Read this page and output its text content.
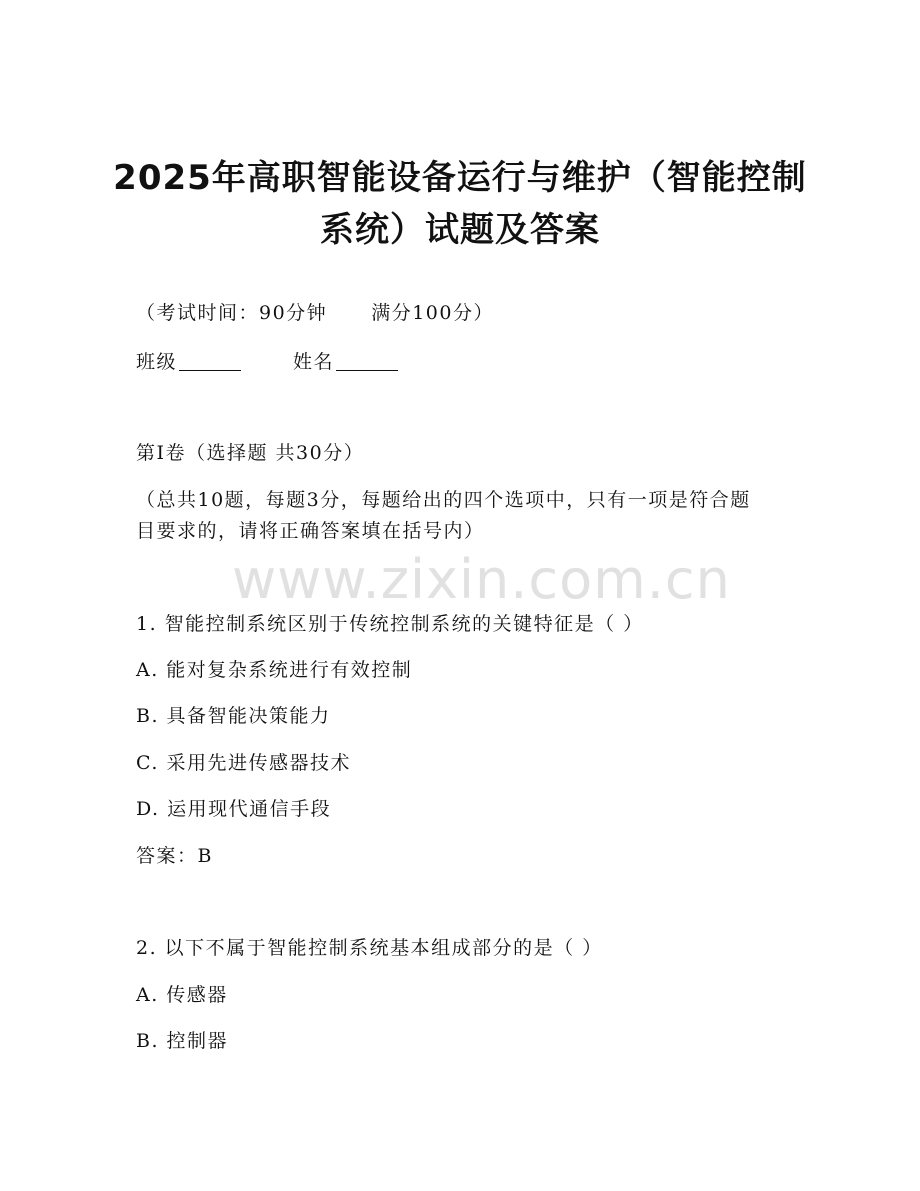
www.zixin.com.cn
2025年高职智能设备运行与维护（智能控制
系统）试题及答案
（考试时间：90分钟 满分100分）
班级	姓名
第I卷（选择题 共30分）
（总共10题，每题3分，每题给出的四个选项中，只有一项是符合题
目要求的，请将正确答案填在括号内）
1. 智能控制系统区别于传统控制系统的关键特征是（ ）
A. 能对复杂系统进行有效控制
B. 具备智能决策能力
C. 采用先进传感器技术
D. 运用现代通信手段
答案：B
2. 以下不属于智能控制系统基本组成部分的是（ ）
A. 传感器
B. 控制器
